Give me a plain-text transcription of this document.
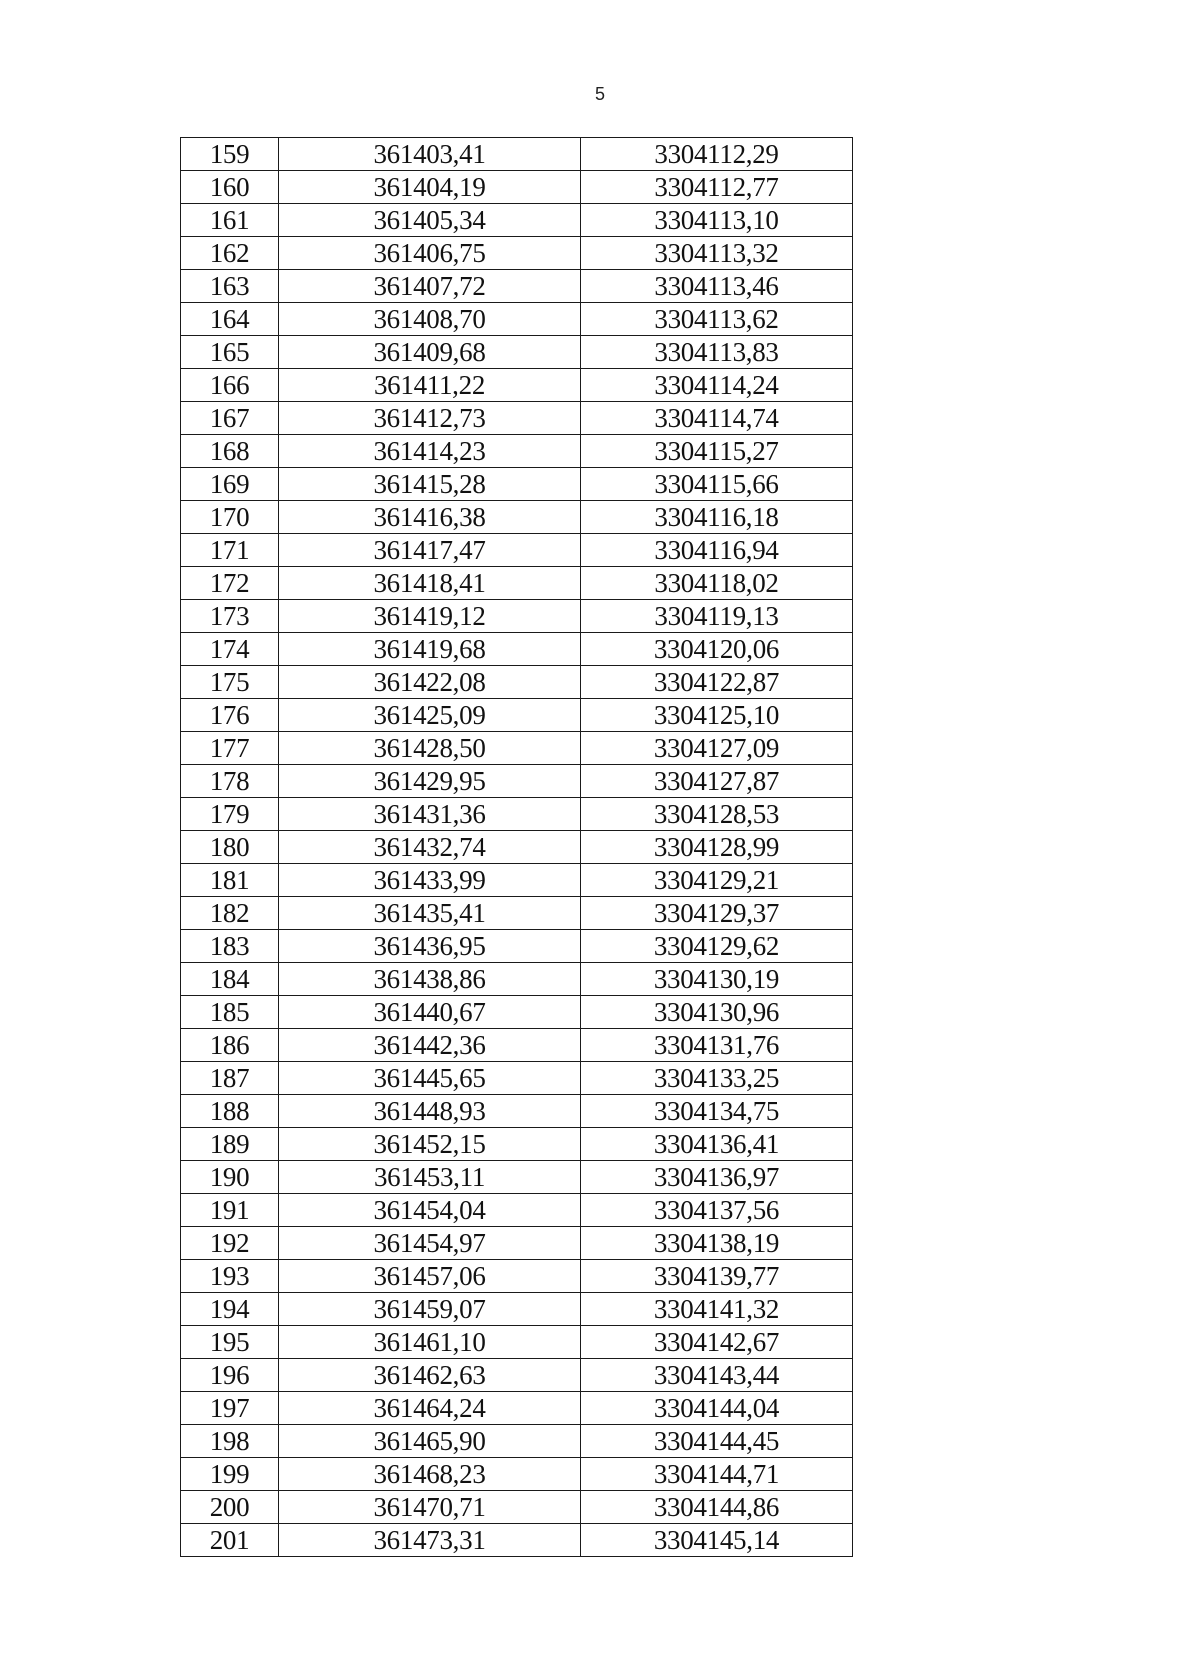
5
159	361403,41	3304112,29
160	361404,19	3304112,77
161	361405,34	3304113,10
162	361406,75	3304113,32
163	361407,72	3304113,46
164	361408,70	3304113,62
165	361409,68	3304113,83
166	361411,22	3304114,24
167	361412,73	3304114,74
168	361414,23	3304115,27
169	361415,28	3304115,66
170	361416,38	3304116,18
171	361417,47	3304116,94
172	361418,41	3304118,02
173	361419,12	3304119,13
174	361419,68	3304120,06
175	361422,08	3304122,87
176	361425,09	3304125,10
177	361428,50	3304127,09
178	361429,95	3304127,87
179	361431,36	3304128,53
180	361432,74	3304128,99
181	361433,99	3304129,21
182	361435,41	3304129,37
183	361436,95	3304129,62
184	361438,86	3304130,19
185	361440,67	3304130,96
186	361442,36	3304131,76
187	361445,65	3304133,25
188	361448,93	3304134,75
189	361452,15	3304136,41
190	361453,11	3304136,97
191	361454,04	3304137,56
192	361454,97	3304138,19
193	361457,06	3304139,77
194	361459,07	3304141,32
195	361461,10	3304142,67
196	361462,63	3304143,44
197	361464,24	3304144,04
198	361465,90	3304144,45
199	361468,23	3304144,71
200	361470,71	3304144,86
201	361473,31	3304145,14
